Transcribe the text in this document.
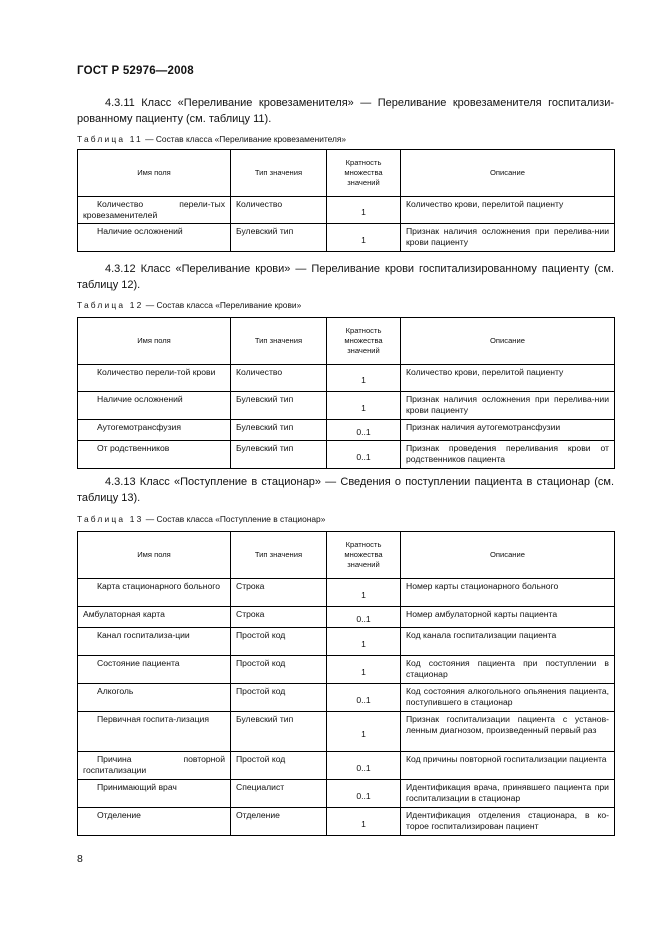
ГОСТ Р 52976—2008
4.3.11 Класс «Переливание кровезаменителя» — Переливание кровезаменителя госпитализи-рованному пациенту (см. таблицу 11).
Таблица 11 — Состав класса «Переливание кровезаменителя»
Имя поля	Тип значения	Кратность множества значений	Описание
Количество перели-тых кровезаменителей	Количество	1	Количество крови, перелитой пациенту
Наличие осложнений	Булевский тип	1	Признак наличия осложнения при перелива-нии крови пациенту
4.3.12 Класс «Переливание крови» — Переливание крови госпитализированному пациенту (см. таблицу 12).
Таблица 12 — Состав класса «Переливание крови»
Имя поля	Тип значения	Кратность множества значений	Описание
Количество перели-той крови	Количество	1	Количество крови, перелитой пациенту
Наличие осложнений	Булевский тип	1	Признак наличия осложнения при перелива-нии крови пациенту
Аутогемотрансфузия	Булевский тип	0..1	Признак наличия аутогемотрансфузии
От родственников	Булевский тип	0..1	Признак проведения переливания крови от родственников пациента
4.3.13 Класс «Поступление в стационар» — Сведения о поступлении пациента в стационар (см. таблицу 13).
Таблица 13 — Состав класса «Поступление в стационар»
Имя поля	Тип значения	Кратность множества значений	Описание
Карта стационарного больного	Строка	1	Номер карты стационарного больного
Амбулаторная карта	Строка	0..1	Номер амбулаторной карты пациента
Канал госпитализа-ции	Простой код	1	Код канала госпитализации пациента
Состояние пациента	Простой код	1	Код состояния пациента при поступлении в стационар
Алкоголь	Простой код	0..1	Код состояния алкогольного опьянения пациента, поступившего в стационар
Первичная госпита-лизация	Булевский тип	1	Признак госпитализации пациента с установ-ленным диагнозом, произведенный первый раз
Причина повторной госпитализации	Простой код	0..1	Код причины повторной госпитализации пациента
Принимающий врач	Специалист	0..1	Идентификация врача, принявшего пациента при госпитализации в стационар
Отделение	Отделение	1	Идентификация отделения стационара, в ко-торое госпитализирован пациент
8
